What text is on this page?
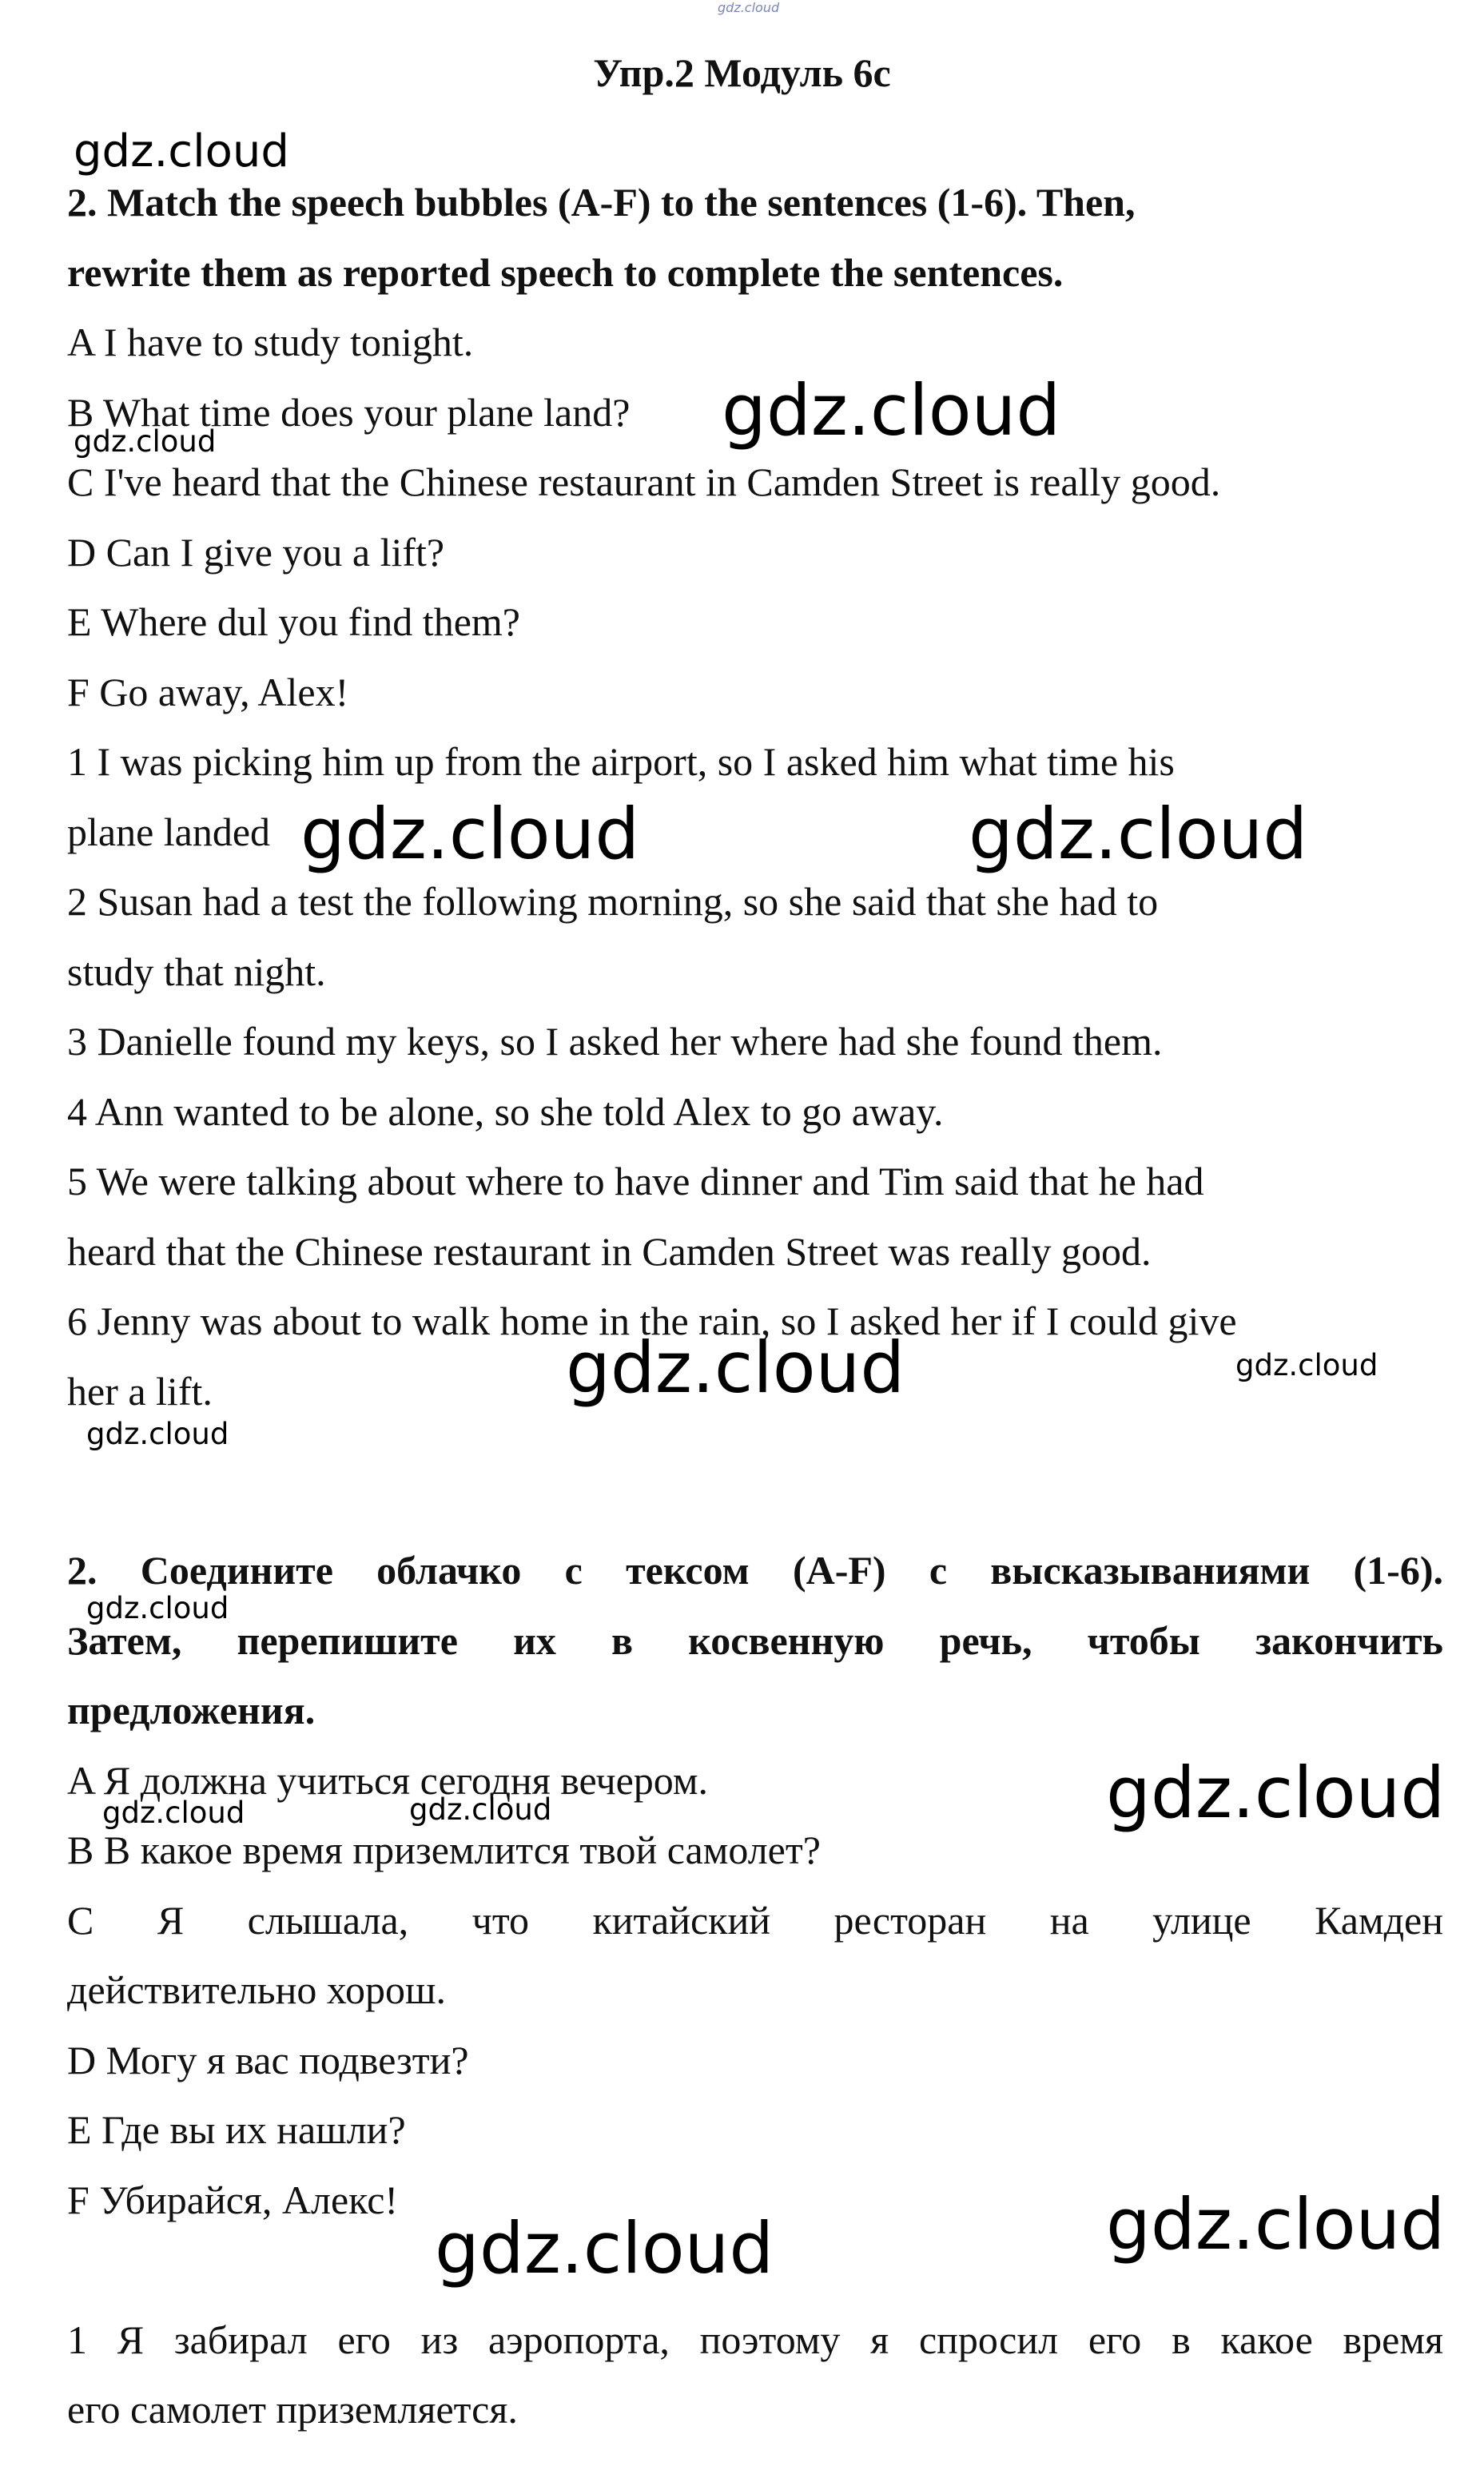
gdz.cloud
Упр.2 Модуль 6с

2. Match the speech bubbles (A-F) to the sentences (1-6). Then,

rewrite them as reported speech to complete the sentences.

A I have to study tonight.

B What time does your plane land?

C I've heard that the Chinese restaurant in Camden Street is really good.

D Can I give you a lift?

E Where dul you find them?

F Go away, Alex!

1 I was picking him up from the airport, so I asked him what time his

plane landed

2 Susan had a test the following morning, so she said that she had to

study that night.

3 Danielle found my keys, so I asked her where had she found them.

4 Ann wanted to be alone, so she told Alex to go away.

5 We were talking about where to have dinner and Tim said that he had

heard that the Chinese restaurant in Camden Street was really good.

6 Jenny was about to walk home in the rain, so I asked her if I could give

her a lift.

2. Соедините облачко с тексом (A-F) с высказываниями (1-6).

Затем, перепишите их в косвенную речь, чтобы закончить

предложения.

A Я должна учиться сегодня вечером.

B В какое время приземлится твой самолет?

C Я слышала, что китайский ресторан на улице Камден

действительно хорош.

D Могу я вас подвезти?

E Где вы их нашли?

F Убирайся, Алекс!

1 Я забирал его из аэропорта, поэтому я спросил его в какое время

его самолет приземляется.

gdz.cloud
gdz.cloud
gdz.cloud
gdz.cloud	gdz.cloud
gdz.cloud	gdz.cloud
gdz.cloud
gdz.cloud
gdz.cloud
gdz.cloud	gdz.cloud
gdz.cloud
gdz.cloud
